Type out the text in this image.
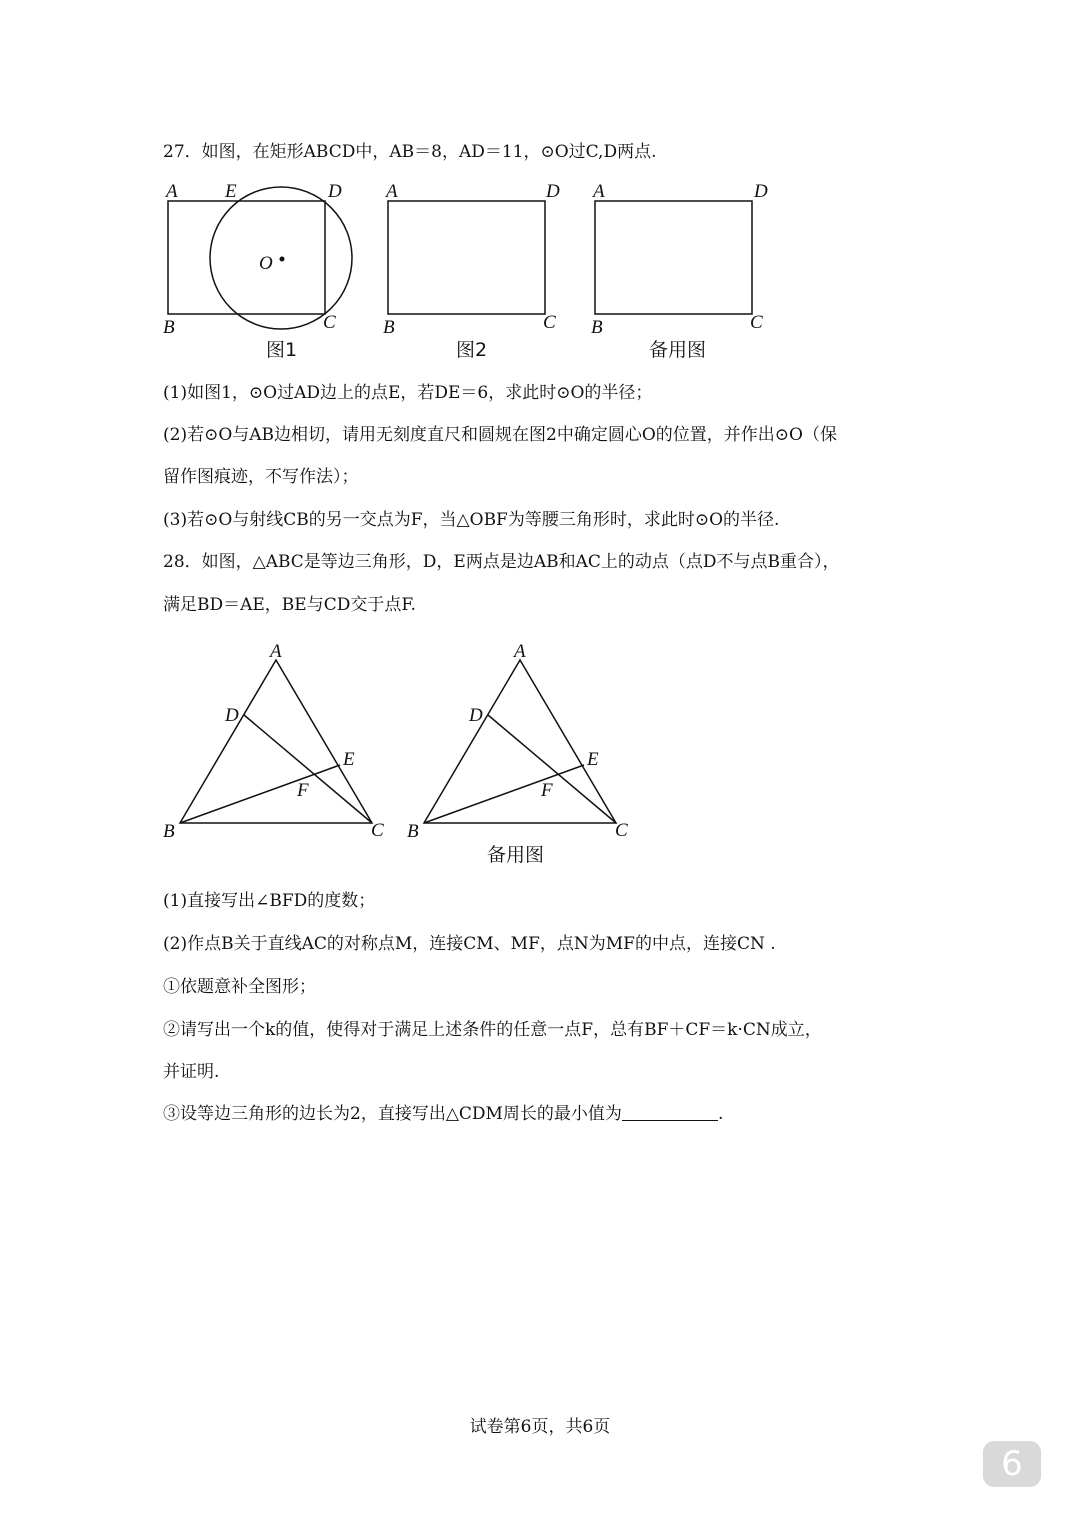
27．如图，在矩形ABCD中，AB＝8，AD＝11，⊙O过C,D两点.
A E	D
B	C
O
图1
A	D
B	C
图2
A	D
B	C
备用图
(1)如图1，⊙O过AD边上的点E，若DE＝6，求此时⊙O的半径；
(2)若⊙O与AB边相切，请用无刻度直尺和圆规在图2中确定圆心O的位置，并作出⊙O（保
留作图痕迹，不写作法）；
(3)若⊙O与射线CB的另一交点为F，当△OBF为等腰三角形时，求此时⊙O的半径.
28．如图，△ABC是等边三角形，D，E两点是边AB和AC上的动点（点D不与点B重合），
满足BD＝AE，BE与CD交于点F.
A
D
E
F
B	C
A
D
E
F
B	C
备用图
(1)直接写出∠BFD的度数；
(2)作点B关于直线AC的对称点M，连接CM、MF，点N为MF的中点，连接CN .
①依题意补全图形；
②请写出一个k的值，使得对于满足上述条件的任意一点F，总有BF＋CF＝k·CN成立，
并证明.
③设等边三角形的边长为2，直接写出△CDM周长的最小值为	.
试卷第6页，共6页
6
